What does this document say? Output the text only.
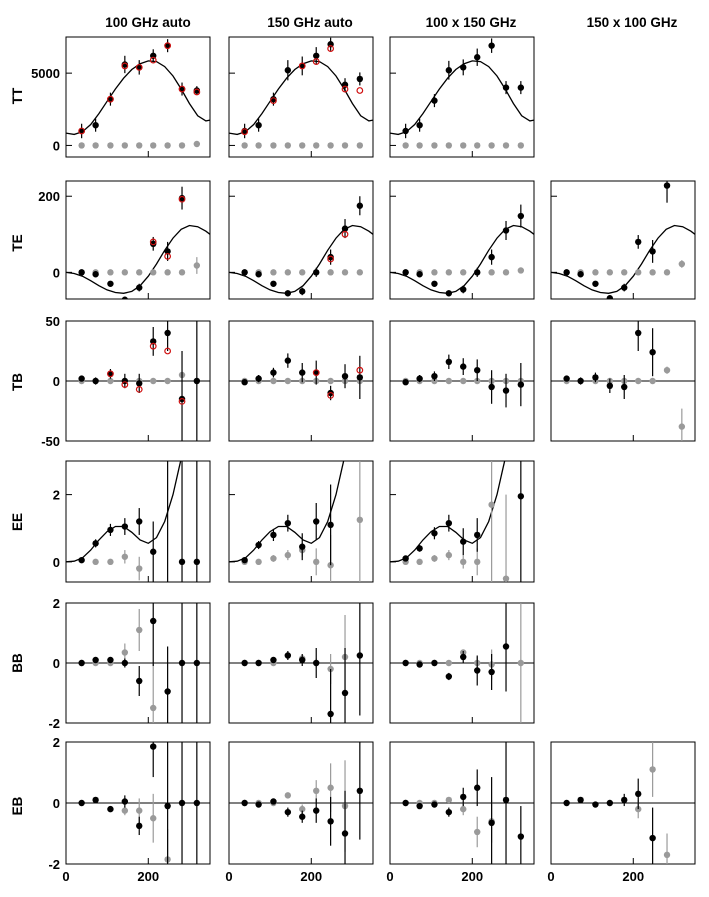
100 GHz auto	150 GHz auto	100 x 150 GHz	150 x 100 GHz
TT
TE
TB
EE
BB
EB
0
5000
0
200
-50
0
50
0
2
-2
0
2
-2
0
2
0	200	0	200	0	200	0	200
